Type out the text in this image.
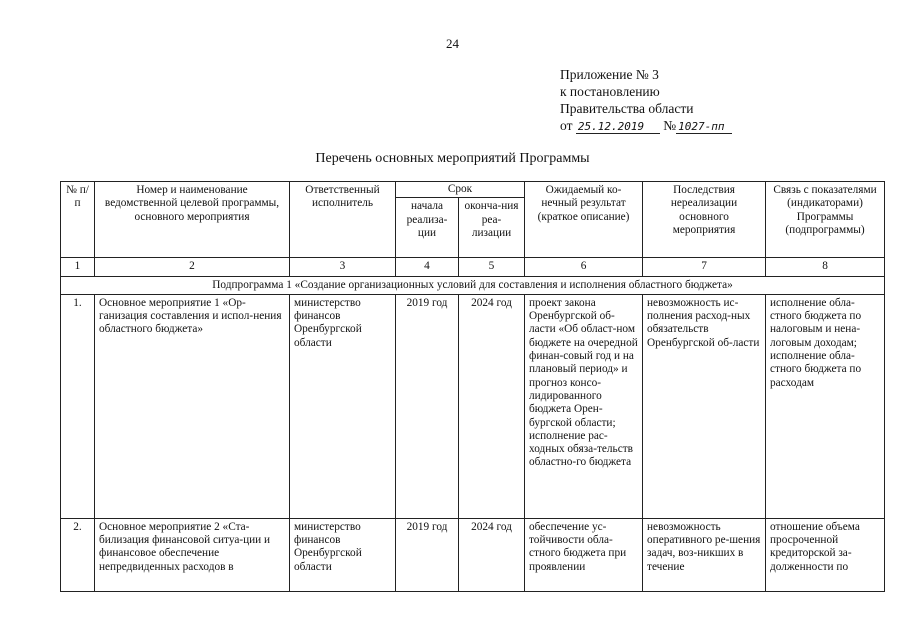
24
Приложение № 3
к постановлению
Правительства области
от 25.12.2019 № 1027-пп
Перечень основных мероприятий Программы
№ п/п	Номер и наименование ведомственной целевой программы, основного мероприятия	Ответственный исполнитель	Срок		Ожидаемый ко-нечный результат (краткое описание)	Последствия нереализации основного мероприятия	Связь с показателями (индикаторами) Программы (подпрограммы)
			начала реализа-ции	оконча-ния реа-лизации			
1	2	3	4	5	6	7	8
Подпрограмма 1 «Создание организационных условий для составления и исполнения областного бюджета»							
1.	Основное мероприятие 1 «Ор-ганизация составления и испол-нения областного бюджета»	министерство финансов Оренбургской области	2019 год	2024 год	проект закона Оренбургской об-ласти «Об област-ном бюджете на очередной финан-совый год и на плановый период» и прогноз консо-лидированного бюджета Орен-бургской области; исполнение рас-ходных обяза-тельств областно-го бюджета	невозможность ис-полнения расход-ных обязательств Оренбургской об-ласти	исполнение обла-стного бюджета по налоговым и нена-логовым доходам; исполнение обла-стного бюджета по расходам
2.	Основное мероприятие 2 «Ста-билизация финансовой ситуа-ции и финансовое обеспечение непредвиденных расходов в	министерство финансов Оренбургской области	2019 год	2024 год	обеспечение ус-тойчивости обла-стного бюджета при проявлении	невозможность оперативного ре-шения задач, воз-никших в течение	отношение объема просроченной кредиторской за-долженности по
